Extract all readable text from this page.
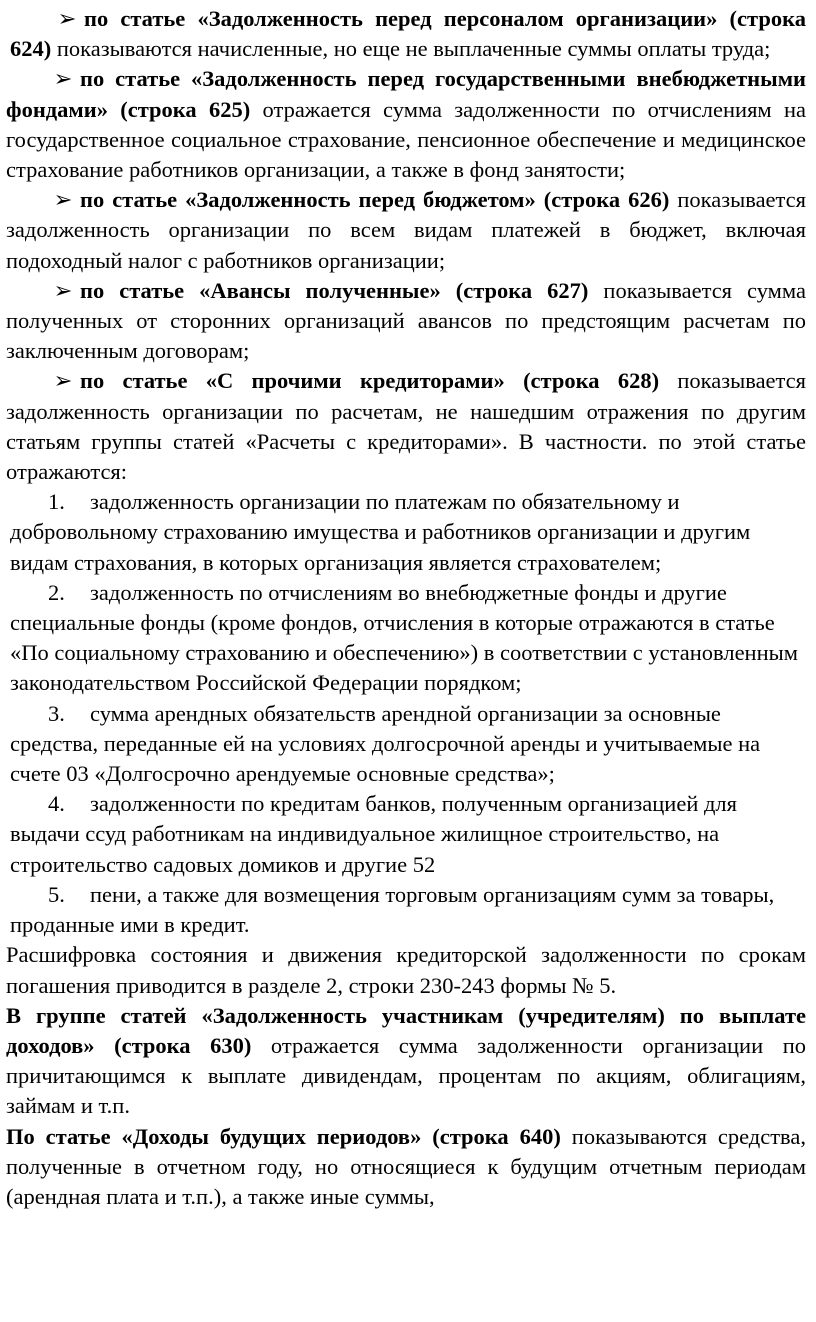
➢ по статье «Задолженность перед персоналом организации» (строка 624) показываются начисленные, но еще не выплаченные суммы оплаты труда;
➢ по статье «Задолженность перед государственными внебюджетными фондами» (строка 625) отражается сумма задолженности по отчислениям на государственное социальное страхование, пенсионное обеспечение и медицинское страхование работников организации, а также в фонд занятости;
➢ по статье «Задолженность перед бюджетом» (строка 626) показывается задолженность организации по всем видам платежей в бюджет, включая подоходный налог с работников организации;
➢ по статье «Авансы полученные» (строка 627) показывается сумма полученных от сторонних организаций авансов по предстоящим расчетам по заключенным договорам;
➢ по статье «С прочими кредиторами» (строка 628) показывается задолженность организации по расчетам, не нашедшим отражения по другим статьям группы статей «Расчеты с кредиторами». В частности. по этой статье отражаются:
1. задолженность организации по платежам по обязательному и добровольному страхованию имущества и работников организации и другим видам страхования, в которых организация является страхователем;
2. задолженность по отчислениям во внебюджетные фонды и другие специальные фонды (кроме фондов, отчисления в которые отражаются в статье «По социальному страхованию и обеспечению») в соответствии с установленным законодательством Российской Федерации порядком;
3. сумма арендных обязательств арендной организации за основные средства, переданные ей на условиях долгосрочной аренды и учитываемые на счете 03 «Долгосрочно арендуемые основные средства»;
4. задолженности по кредитам банков, полученным организацией для выдачи ссуд работникам на индивидуальное жилищное строительство, на строительство садовых домиков и другие 52
5. пени, а также для возмещения торговым организациям сумм за товары, проданные ими в кредит.

Расшифровка состояния и движения кредиторской задолженности по срокам погашения приводится в разделе 2, строки 230-243 формы № 5.

В группе статей «Задолженность участникам (учредителям) по выплате доходов» (строка 630) отражается сумма задолженности организации по причитающимся к выплате дивидендам, процентам по акциям, облигациям, займам и т.п.

По статье «Доходы будущих периодов» (строка 640) показываются средства, полученные в отчетном году, но относящиеся к будущим отчетным периодам (арендная плата и т.п.), а также иные суммы,
